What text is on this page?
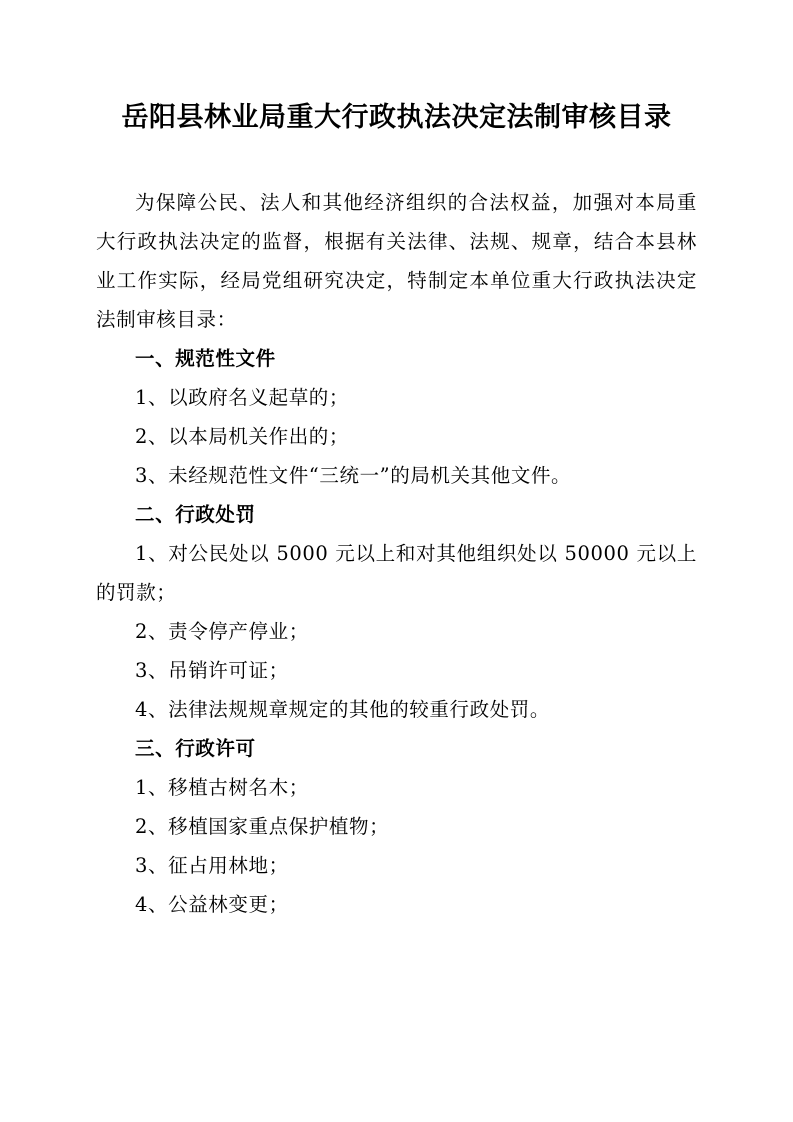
岳阳县林业局重大行政执法决定法制审核目录

为保障公民、法人和其他经济组织的合法权益，加强对本局重大行政执法决定的监督，根据有关法律、法规、规章，结合本县林业工作实际，经局党组研究决定，特制定本单位重大行政执法决定法制审核目录：

一、规范性文件

1、以政府名义起草的；

2、以本局机关作出的；

3、未经规范性文件“三统一”的局机关其他文件。

二、行政处罚

1、对公民处以 5000 元以上和对其他组织处以 50000 元以上的罚款；

2、责令停产停业；

3、吊销许可证；

4、法律法规规章规定的其他的较重行政处罚。

三、行政许可

1、移植古树名木；

2、移植国家重点保护植物；

3、征占用林地；

4、公益林变更；
